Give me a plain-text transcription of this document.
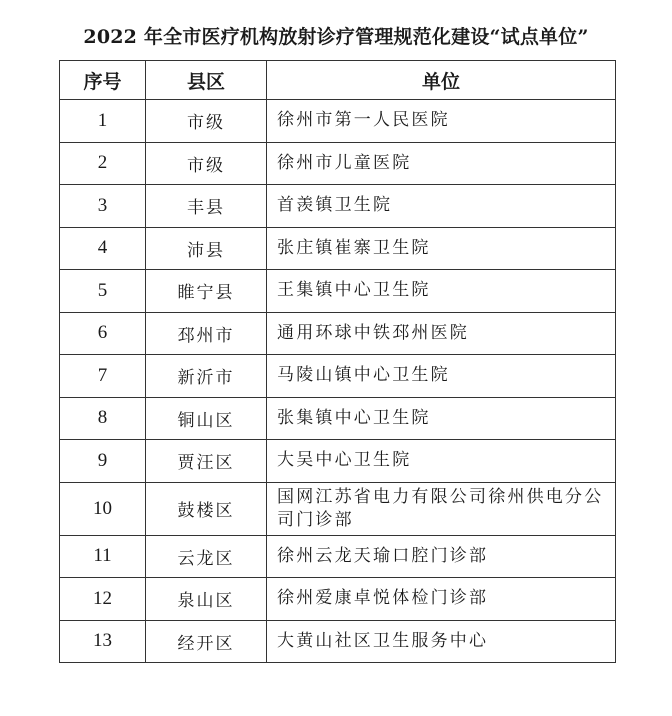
2022 年全市医疗机构放射诊疗管理规范化建设“试点单位”
序号	县区	单位
1	市级	徐州市第一人民医院
2	市级	徐州市儿童医院
3	丰县	首羡镇卫生院
4	沛县	张庄镇崔寨卫生院
5	睢宁县	王集镇中心卫生院
6	邳州市	通用环球中铁邳州医院
7	新沂市	马陵山镇中心卫生院
8	铜山区	张集镇中心卫生院
9	贾汪区	大吴中心卫生院
10	鼓楼区	国网江苏省电力有限公司徐州供电分公司门诊部
11	云龙区	徐州云龙天瑜口腔门诊部
12	泉山区	徐州爱康卓悦体检门诊部
13	经开区	大黄山社区卫生服务中心
